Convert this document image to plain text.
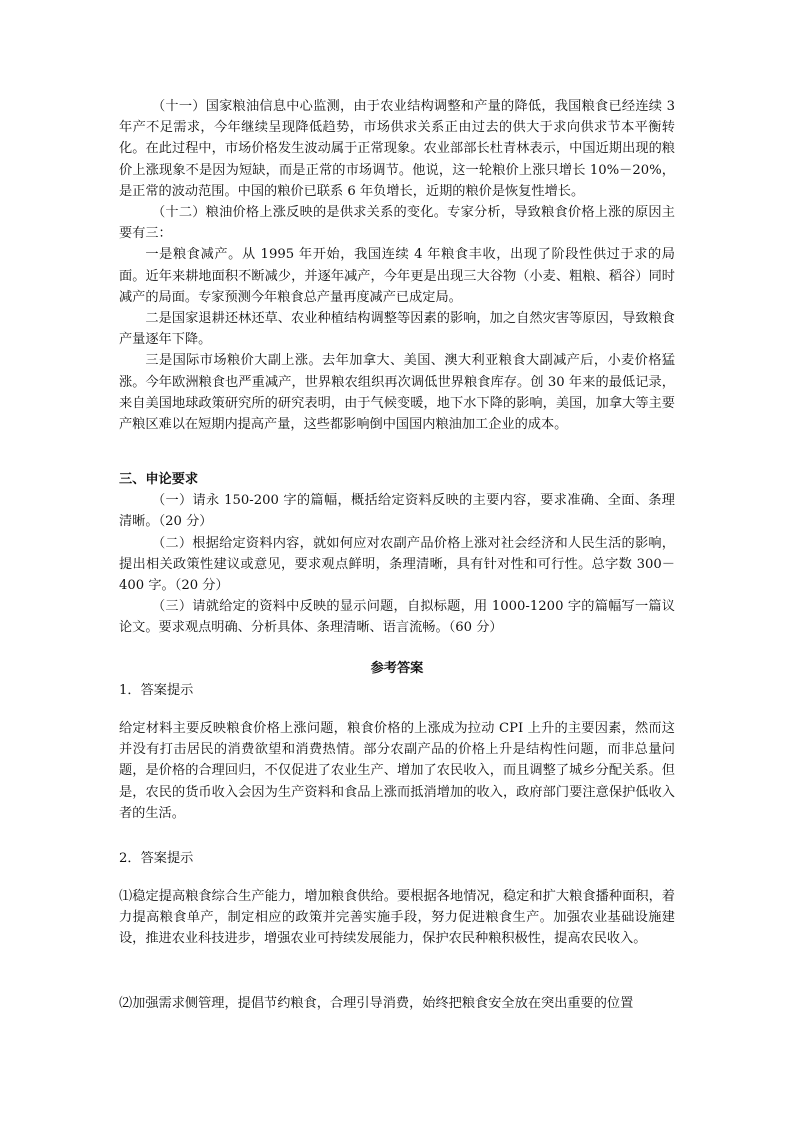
（十一）国家粮油信息中心监测，由于农业结构调整和产量的降低，我国粮食已经连续 3 年产不足需求，今年继续呈现降低趋势，市场供求关系正由过去的供大于求向供求节本平衡转化。在此过程中，市场价格发生波动属于正常现象。农业部部长杜青林表示，中国近期出现的粮价上涨现象不是因为短缺，而是正常的市场调节。他说，这一轮粮价上涨只增长 10%－20%，是正常的波动范围。中国的粮价已联系 6 年负增长，近期的粮价是恢复性增长。

（十二）粮油价格上涨反映的是供求关系的变化。专家分析，导致粮食价格上涨的原因主要有三：

一是粮食减产。从 1995 年开始，我国连续 4 年粮食丰收，出现了阶段性供过于求的局面。近年来耕地面积不断减少，并逐年减产，今年更是出现三大谷物（小麦、粗粮、稻谷）同时减产的局面。专家预测今年粮食总产量再度减产已成定局。

二是国家退耕还林还草、农业种植结构调整等因素的影响，加之自然灾害等原因，导致粮食产量逐年下降。

三是国际市场粮价大副上涨。去年加拿大、美国、澳大利亚粮食大副减产后，小麦价格猛涨。今年欧洲粮食也严重减产，世界粮农组织再次调低世界粮食库存。创 30 年来的最低记录，来自美国地球政策研究所的研究表明，由于气候变暖，地下水下降的影响，美国，加拿大等主要产粮区难以在短期内提高产量，这些都影响倒中国国内粮油加工企业的成本。

三、申论要求

（一）请永 150-200 字的篇幅，概括给定资料反映的主要内容，要求准确、全面、条理清晰。（20 分）

（二）根据给定资料内容，就如何应对农副产品价格上涨对社会经济和人民生活的影响，提出相关政策性建议或意见，要求观点鲜明，条理清晰，具有针对性和可行性。总字数 300－400 字。（20 分）

（三）请就给定的资料中反映的显示问题，自拟标题，用 1000-1200 字的篇幅写一篇议论文。要求观点明确、分析具体、条理清晰、语言流畅。（60 分）

参考答案

1．答案提示

给定材料主要反映粮食价格上涨问题，粮食价格的上涨成为拉动 CPI 上升的主要因素，然而这并没有打击居民的消费欲望和消费热情。部分农副产品的价格上升是结构性问题，而非总量问题，是价格的合理回归，不仅促进了农业生产、增加了农民收入，而且调整了城乡分配关系。但是，农民的货币收入会因为生产资料和食品上涨而抵消增加的收入，政府部门要注意保护低收入者的生活。

2．答案提示

⑴稳定提高粮食综合生产能力，增加粮食供给。要根据各地情况，稳定和扩大粮食播种面积，着力提高粮食单产，制定相应的政策并完善实施手段，努力促进粮食生产。加强农业基础设施建设，推进农业科技进步，增强农业可持续发展能力，保护农民种粮积极性，提高农民收入。

⑵加强需求侧管理，提倡节约粮食，合理引导消费，始终把粮食安全放在突出重要的位置
